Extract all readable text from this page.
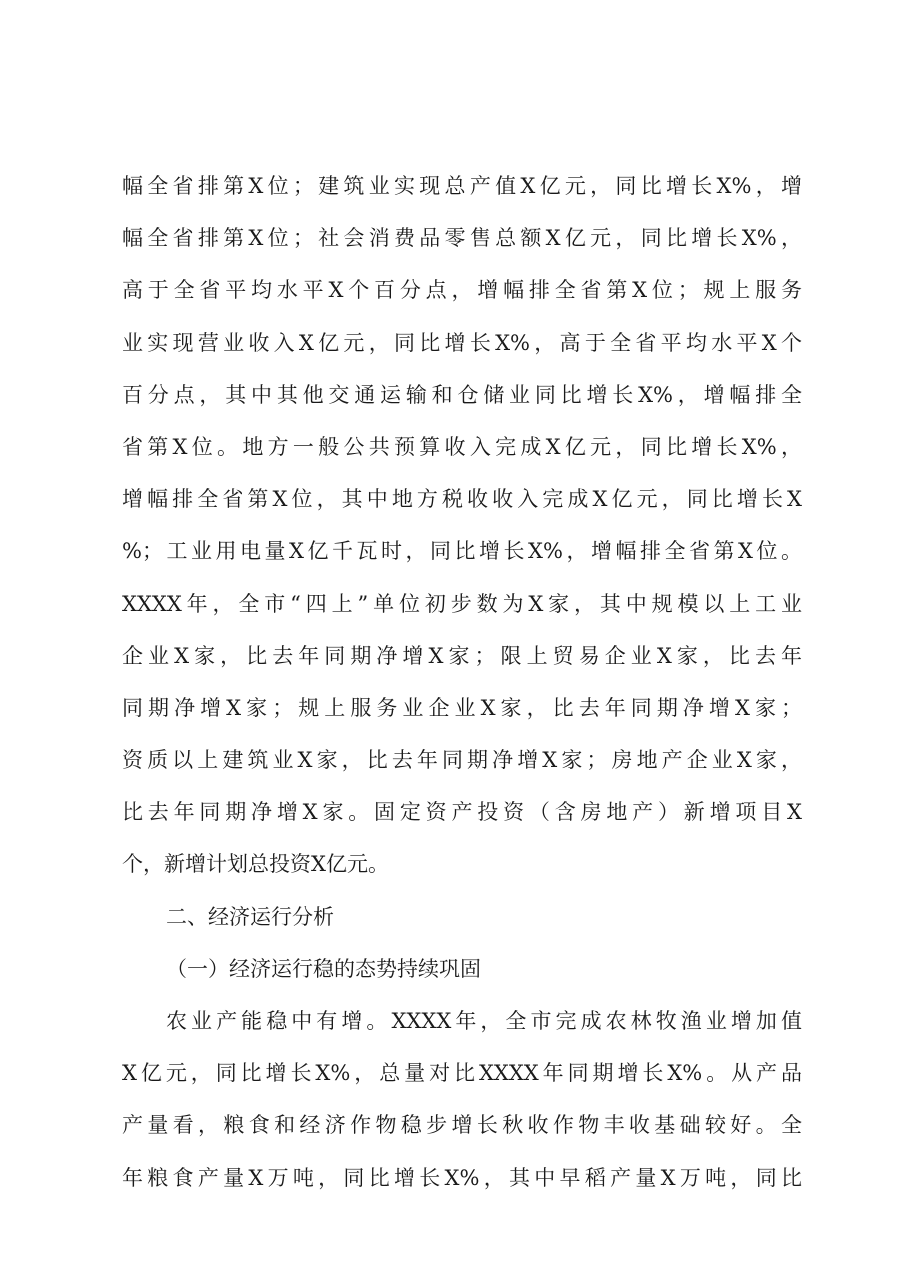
幅全省排第X位；建筑业实现总产值X亿元，同比增长X%，增
幅全省排第X位；社会消费品零售总额X亿元，同比增长X%，
高于全省平均水平X个百分点，增幅排全省第X位；规上服务
业实现营业收入X亿元，同比增长X%，高于全省平均水平X个
百分点，其中其他交通运输和仓储业同比增长X%，增幅排全
省第X位。地方一般公共预算收入完成X亿元，同比增长X%，
增幅排全省第X位，其中地方税收收入完成X亿元，同比增长X
%；工业用电量X亿千瓦时，同比增长X%，增幅排全省第X位。
XXXX年，全市“四上”单位初步数为X家，其中规模以上工业
企业X家，比去年同期净增X家；限上贸易企业X家，比去年
同期净增X家；规上服务业企业X家，比去年同期净增X家；
资质以上建筑业X家，比去年同期净增X家；房地产企业X家，
比去年同期净增X家。固定资产投资（含房地产）新增项目X
个，新增计划总投资X亿元。
二、经济运行分析
（一）经济运行稳的态势持续巩固
农业产能稳中有增。XXXX年，全市完成农林牧渔业增加值
X亿元，同比增长X%，总量对比XXXX年同期增长X%。从产品
产量看，粮食和经济作物稳步增长秋收作物丰收基础较好。全
年粮食产量X万吨，同比增长X%，其中早稻产量X万吨，同比
